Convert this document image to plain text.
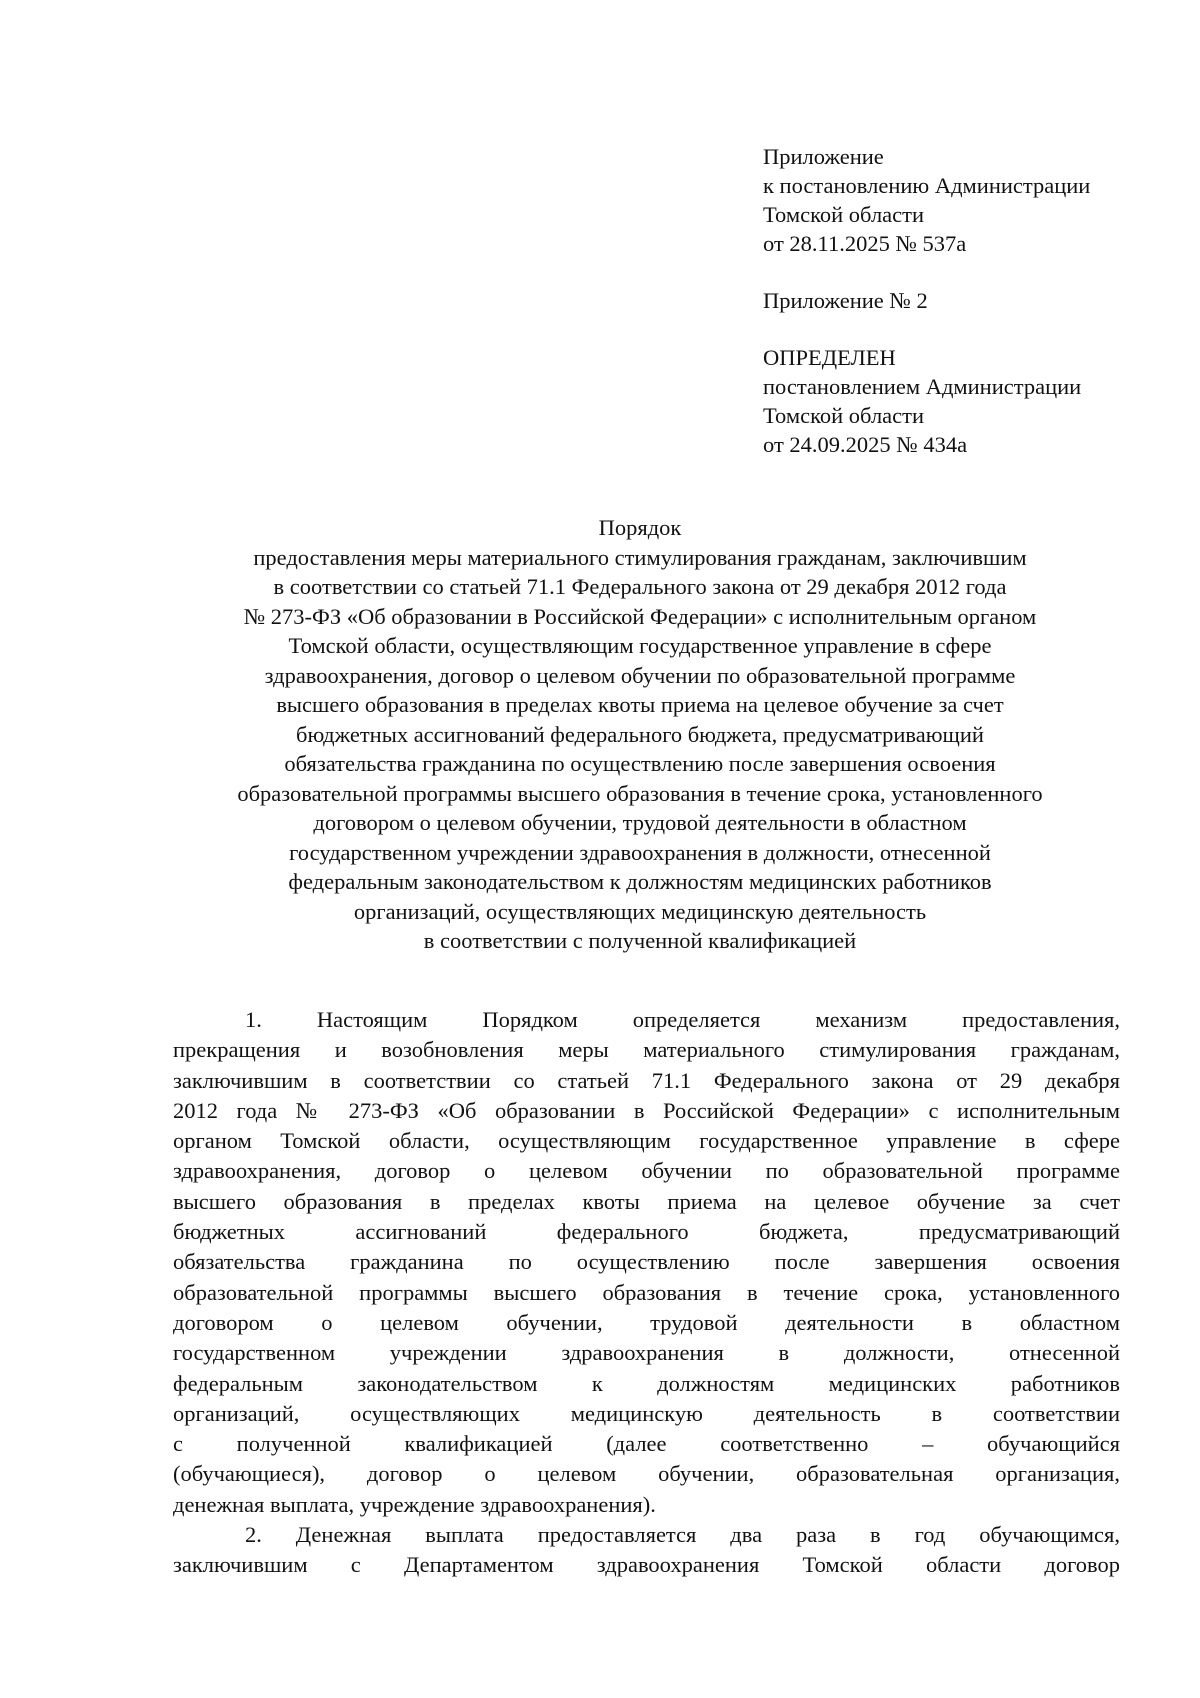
Приложение
к постановлению Администрации
Томской области
от 28.11.2025 № 537а
Приложение № 2
ОПРЕДЕЛЕН
постановлением Администрации
Томской области
от 24.09.2025 № 434а
Порядок
предоставления меры материального стимулирования гражданам, заключившим
в соответствии со статьей 71.1 Федерального закона от 29 декабря 2012 года
№ 273-ФЗ «Об образовании в Российской Федерации» с исполнительным органом
Томской области, осуществляющим государственное управление в сфере
здравоохранения, договор о целевом обучении по образовательной программе
высшего образования в пределах квоты приема на целевое обучение за счет
бюджетных ассигнований федерального бюджета, предусматривающий
обязательства гражданина по осуществлению после завершения освоения
образовательной программы высшего образования в течение срока, установленного
договором о целевом обучении, трудовой деятельности в областном
государственном учреждении здравоохранения в должности, отнесенной
федеральным законодательством к должностям медицинских работников
организаций, осуществляющих медицинскую деятельность
в соответствии с полученной квалификацией
1. Настоящим Порядком определяется механизм предоставления,
прекращения и возобновления меры материального стимулирования гражданам,
заключившим в соответствии со статьей 71.1 Федерального закона от 29 декабря
2012 года № 273-ФЗ «Об образовании в Российской Федерации» с исполнительным
органом Томской области, осуществляющим государственное управление в сфере
здравоохранения, договор о целевом обучении по образовательной программе
высшего образования в пределах квоты приема на целевое обучение за счет
бюджетных ассигнований федерального бюджета, предусматривающий
обязательства гражданина по осуществлению после завершения освоения
образовательной программы высшего образования в течение срока, установленного
договором о целевом обучении, трудовой деятельности в областном
государственном учреждении здравоохранения в должности, отнесенной
федеральным законодательством к должностям медицинских работников
организаций, осуществляющих медицинскую деятельность в соответствии
с полученной квалификацией (далее соответственно – обучающийся
(обучающиеся), договор о целевом обучении, образовательная организация,
денежная выплата, учреждение здравоохранения).
2. Денежная выплата предоставляется два раза в год обучающимся,
заключившим с Департаментом здравоохранения Томской области договор
